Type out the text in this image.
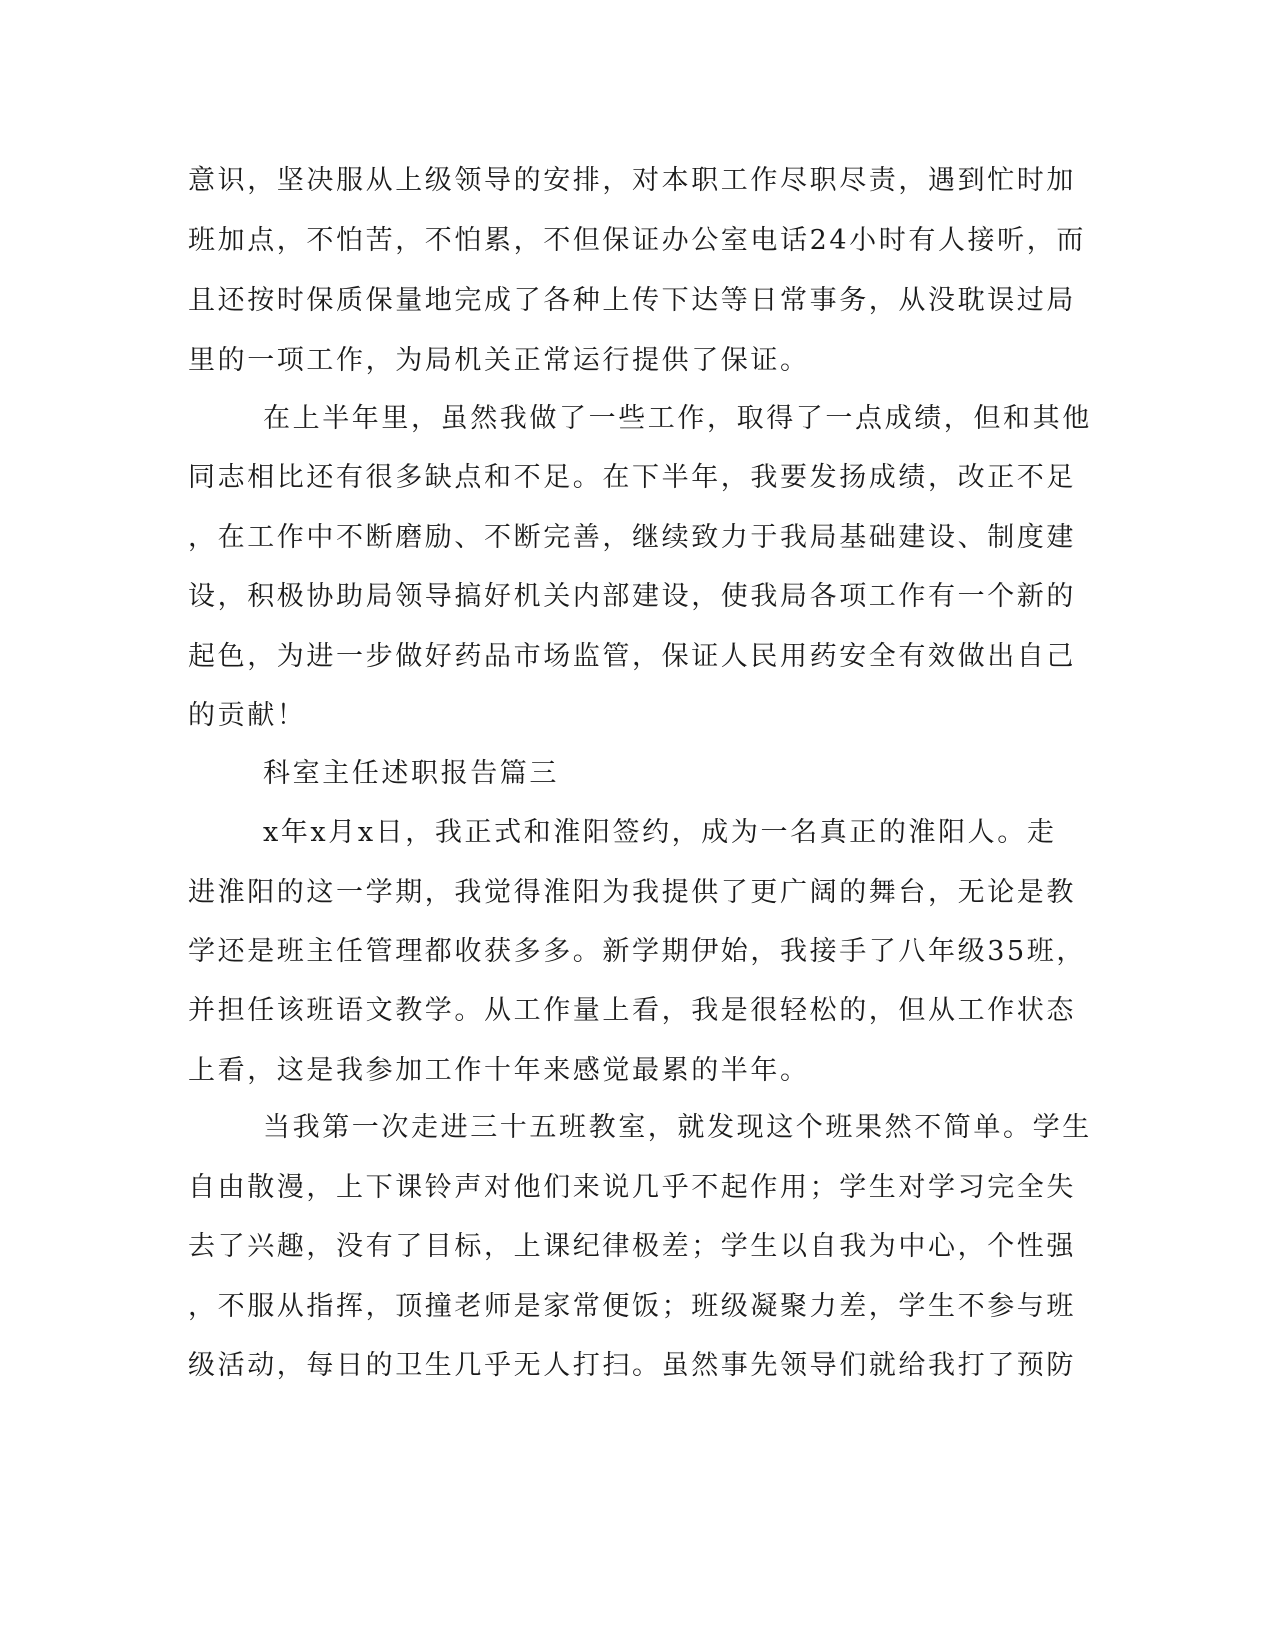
意识，坚决服从上级领导的安排，对本职工作尽职尽责，遇到忙时加
班加点，不怕苦，不怕累，不但保证办公室电话24小时有人接听，而
且还按时保质保量地完成了各种上传下达等日常事务，从没耽误过局
里的一项工作，为局机关正常运行提供了保证。
在上半年里，虽然我做了一些工作，取得了一点成绩，但和其他
同志相比还有很多缺点和不足。在下半年，我要发扬成绩，改正不足
，在工作中不断磨励、不断完善，继续致力于我局基础建设、制度建
设，积极协助局领导搞好机关内部建设，使我局各项工作有一个新的
起色，为进一步做好药品市场监管，保证人民用药安全有效做出自己
的贡献！
科室主任述职报告篇三
x年x月x日，我正式和淮阳签约，成为一名真正的淮阳人。走
进淮阳的这一学期，我觉得淮阳为我提供了更广阔的舞台，无论是教
学还是班主任管理都收获多多。新学期伊始，我接手了八年级35班，
并担任该班语文教学。从工作量上看，我是很轻松的，但从工作状态
上看，这是我参加工作十年来感觉最累的半年。
当我第一次走进三十五班教室，就发现这个班果然不简单。学生
自由散漫，上下课铃声对他们来说几乎不起作用；学生对学习完全失
去了兴趣，没有了目标，上课纪律极差；学生以自我为中心，个性强
，不服从指挥，顶撞老师是家常便饭；班级凝聚力差，学生不参与班
级活动，每日的卫生几乎无人打扫。虽然事先领导们就给我打了预防
